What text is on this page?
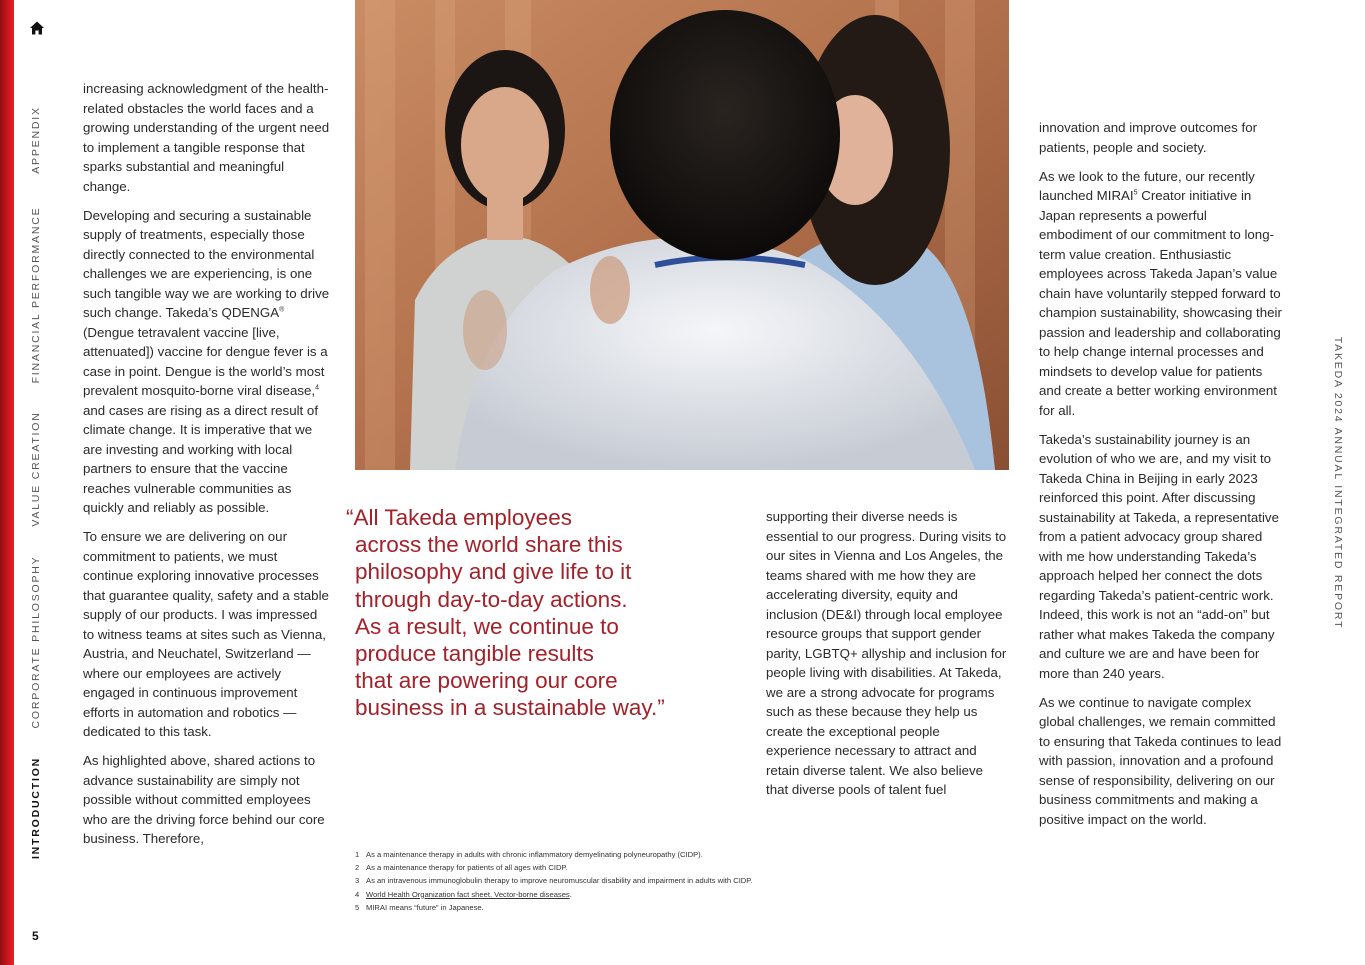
APPENDIX
FINANCIAL PERFORMANCE
VALUE CREATION
CORPORATE PHILOSOPHY
INTRODUCTION
5
TAKEDA 2024 ANNUAL INTEGRATED REPORT

increasing acknowledgment of the health-related obstacles the world faces and a growing understanding of the urgent need to implement a tangible response that sparks substantial and meaningful change.

Developing and securing a sustainable supply of treatments, especially those directly connected to the environmental challenges we are experiencing, is one such tangible way we are working to drive such change. Takeda’s QDENGA® (Dengue tetravalent vaccine [live, attenuated]) vaccine for dengue fever is a case in point. Dengue is the world’s most prevalent mosquito-borne viral disease,$^4$ and cases are rising as a direct result of climate change. It is imperative that we are investing and working with local partners to ensure that the vaccine reaches vulnerable communities as quickly and reliably as possible.

To ensure we are delivering on our commitment to patients, we must continue exploring innovative processes that guarantee quality, safety and a stable supply of our products. I was impressed to witness teams at sites such as Vienna, Austria, and Neuchatel, Switzerland — where our employees are actively engaged in continuous improvement efforts in automation and robotics — dedicated to this task.

As highlighted above, shared actions to advance sustainability are simply not possible without committed employees who are the driving force behind our core business. Therefore,

“All Takeda employees
across the world share this
philosophy and give life to it
through day-to-day actions.
As a result, we continue to
produce tangible results
that are powering our core
business in a sustainable way.”

supporting their diverse needs is essential to our progress. During visits to our sites in Vienna and Los Angeles, the teams shared with me how they are accelerating diversity, equity and inclusion (DE&I) through local employee resource groups that support gender parity, LGBTQ+ allyship and inclusion for people living with disabilities. At Takeda, we are a strong advocate for programs such as these because they help us create the exceptional people experience necessary to attract and retain diverse talent. We also believe that diverse pools of talent fuel

innovation and improve outcomes for patients, people and society.

As we look to the future, our recently launched MIRAI$^5$ Creator initiative in Japan represents a powerful embodiment of our commitment to long-term value creation. Enthusiastic employees across Takeda Japan’s value chain have voluntarily stepped forward to champion sustainability, showcasing their passion and leadership and collaborating to help change internal processes and mindsets to develop value for patients and create a better working environment for all.

Takeda’s sustainability journey is an evolution of who we are, and my visit to Takeda China in Beijing in early 2023 reinforced this point. After discussing sustainability at Takeda, a representative from a patient advocacy group shared with me how understanding Takeda’s approach helped her connect the dots regarding Takeda’s patient-centric work. Indeed, this work is not an “add-on” but rather what makes Takeda the company and culture we are and have been for more than 240 years.

As we continue to navigate complex global challenges, we remain committed to ensuring that Takeda continues to lead with passion, innovation and a profound sense of responsibility, delivering on our business commitments and making a positive impact on the world.

1 As a maintenance therapy in adults with chronic inflammatory demyelinating polyneuropathy (CIDP).
2 As a maintenance therapy for patients of all ages with CIDP.
3 As an intravenous immunoglobulin therapy to improve neuromuscular disability and impairment in adults with CIDP.
4 World Health Organization fact sheet. Vector-borne diseases.
5 MIRAI means “future” in Japanese.
